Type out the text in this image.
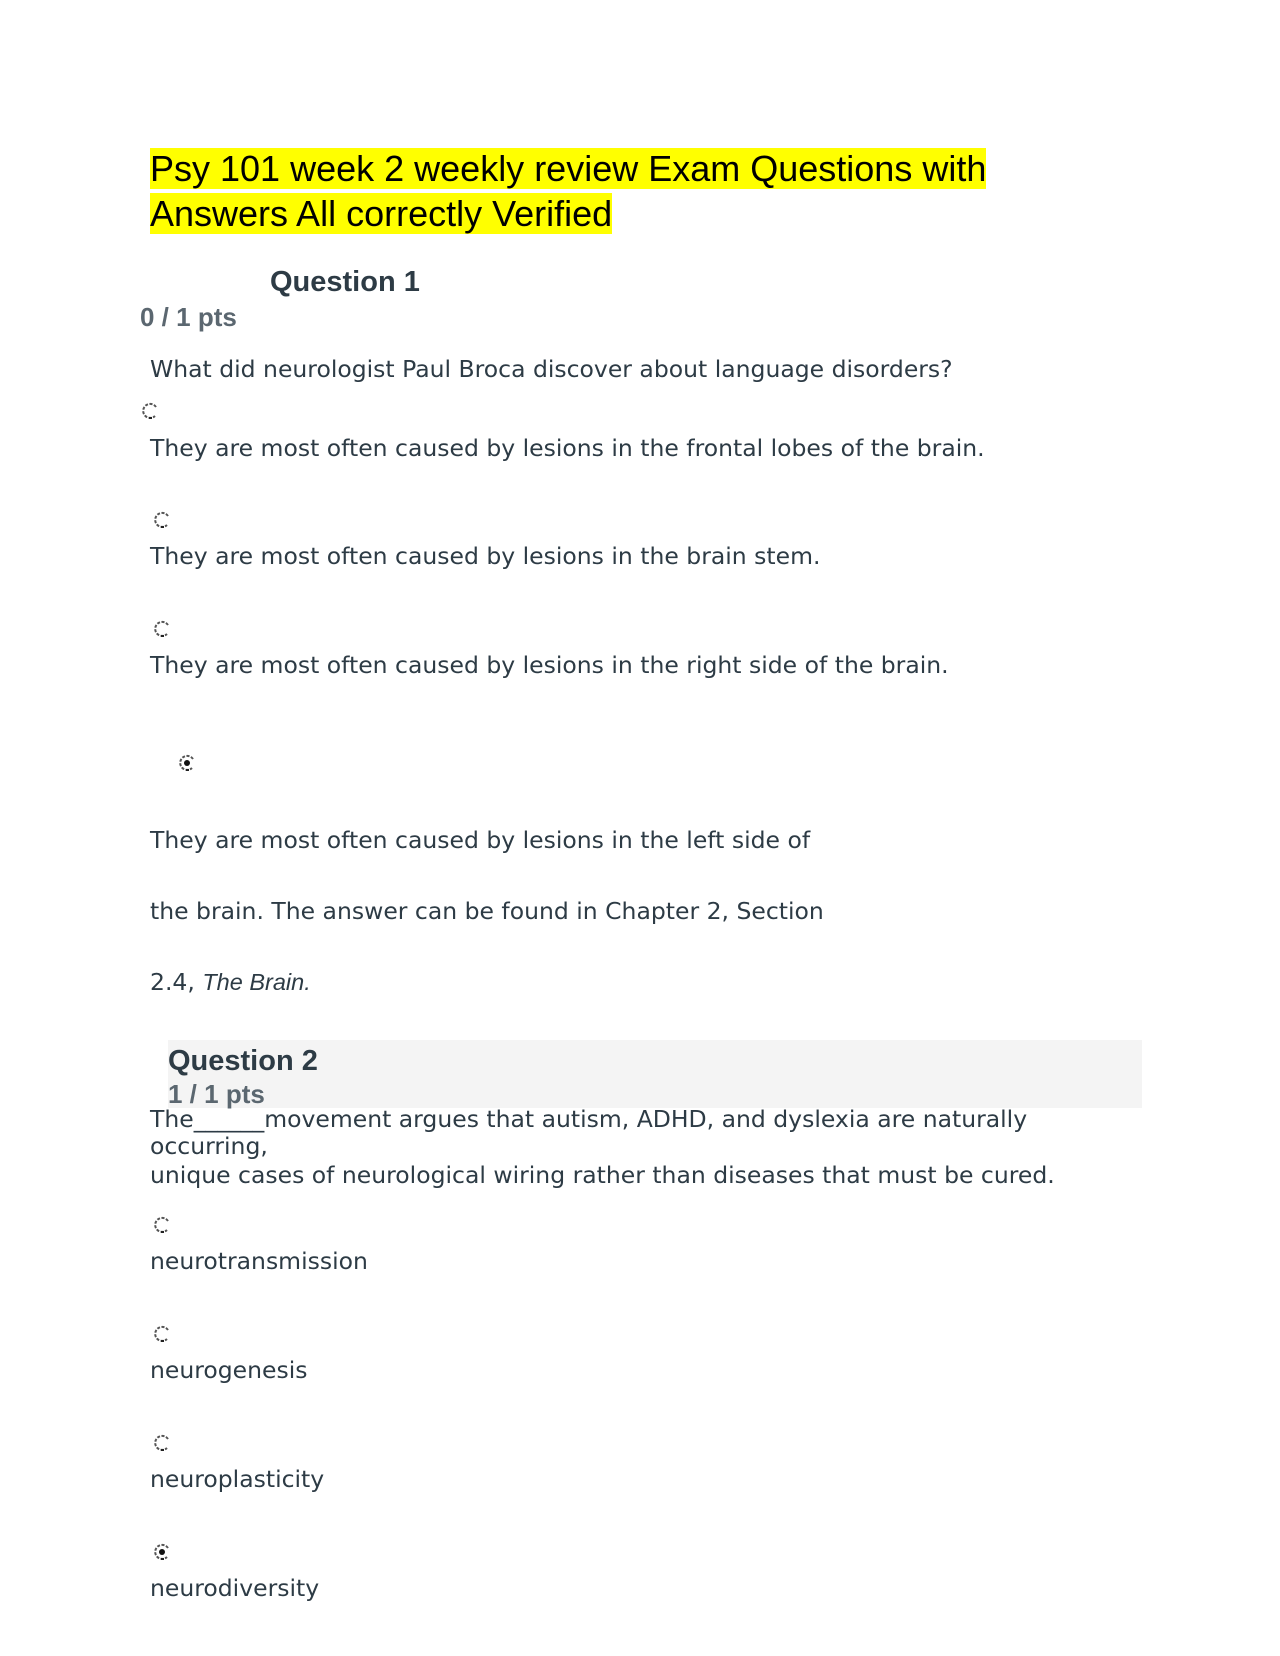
Psy 101 week 2 weekly review Exam Questions with
Answers All correctly Verified
Question 1
0 / 1 pts
What did neurologist Paul Broca discover about language disorders?
They are most often caused by lesions in the frontal lobes of the brain.
They are most often caused by lesions in the brain stem.
They are most often caused by lesions in the right side of the brain.
They are most often caused by lesions in the left side of
the brain. The answer can be found in Chapter 2, Section
2.4, The Brain.
Question 2
1 / 1 pts
The______movement argues that autism, ADHD, and dyslexia are naturally
occurring,
unique cases of neurological wiring rather than diseases that must be cured.
neurotransmission
neurogenesis
neuroplasticity
neurodiversity
